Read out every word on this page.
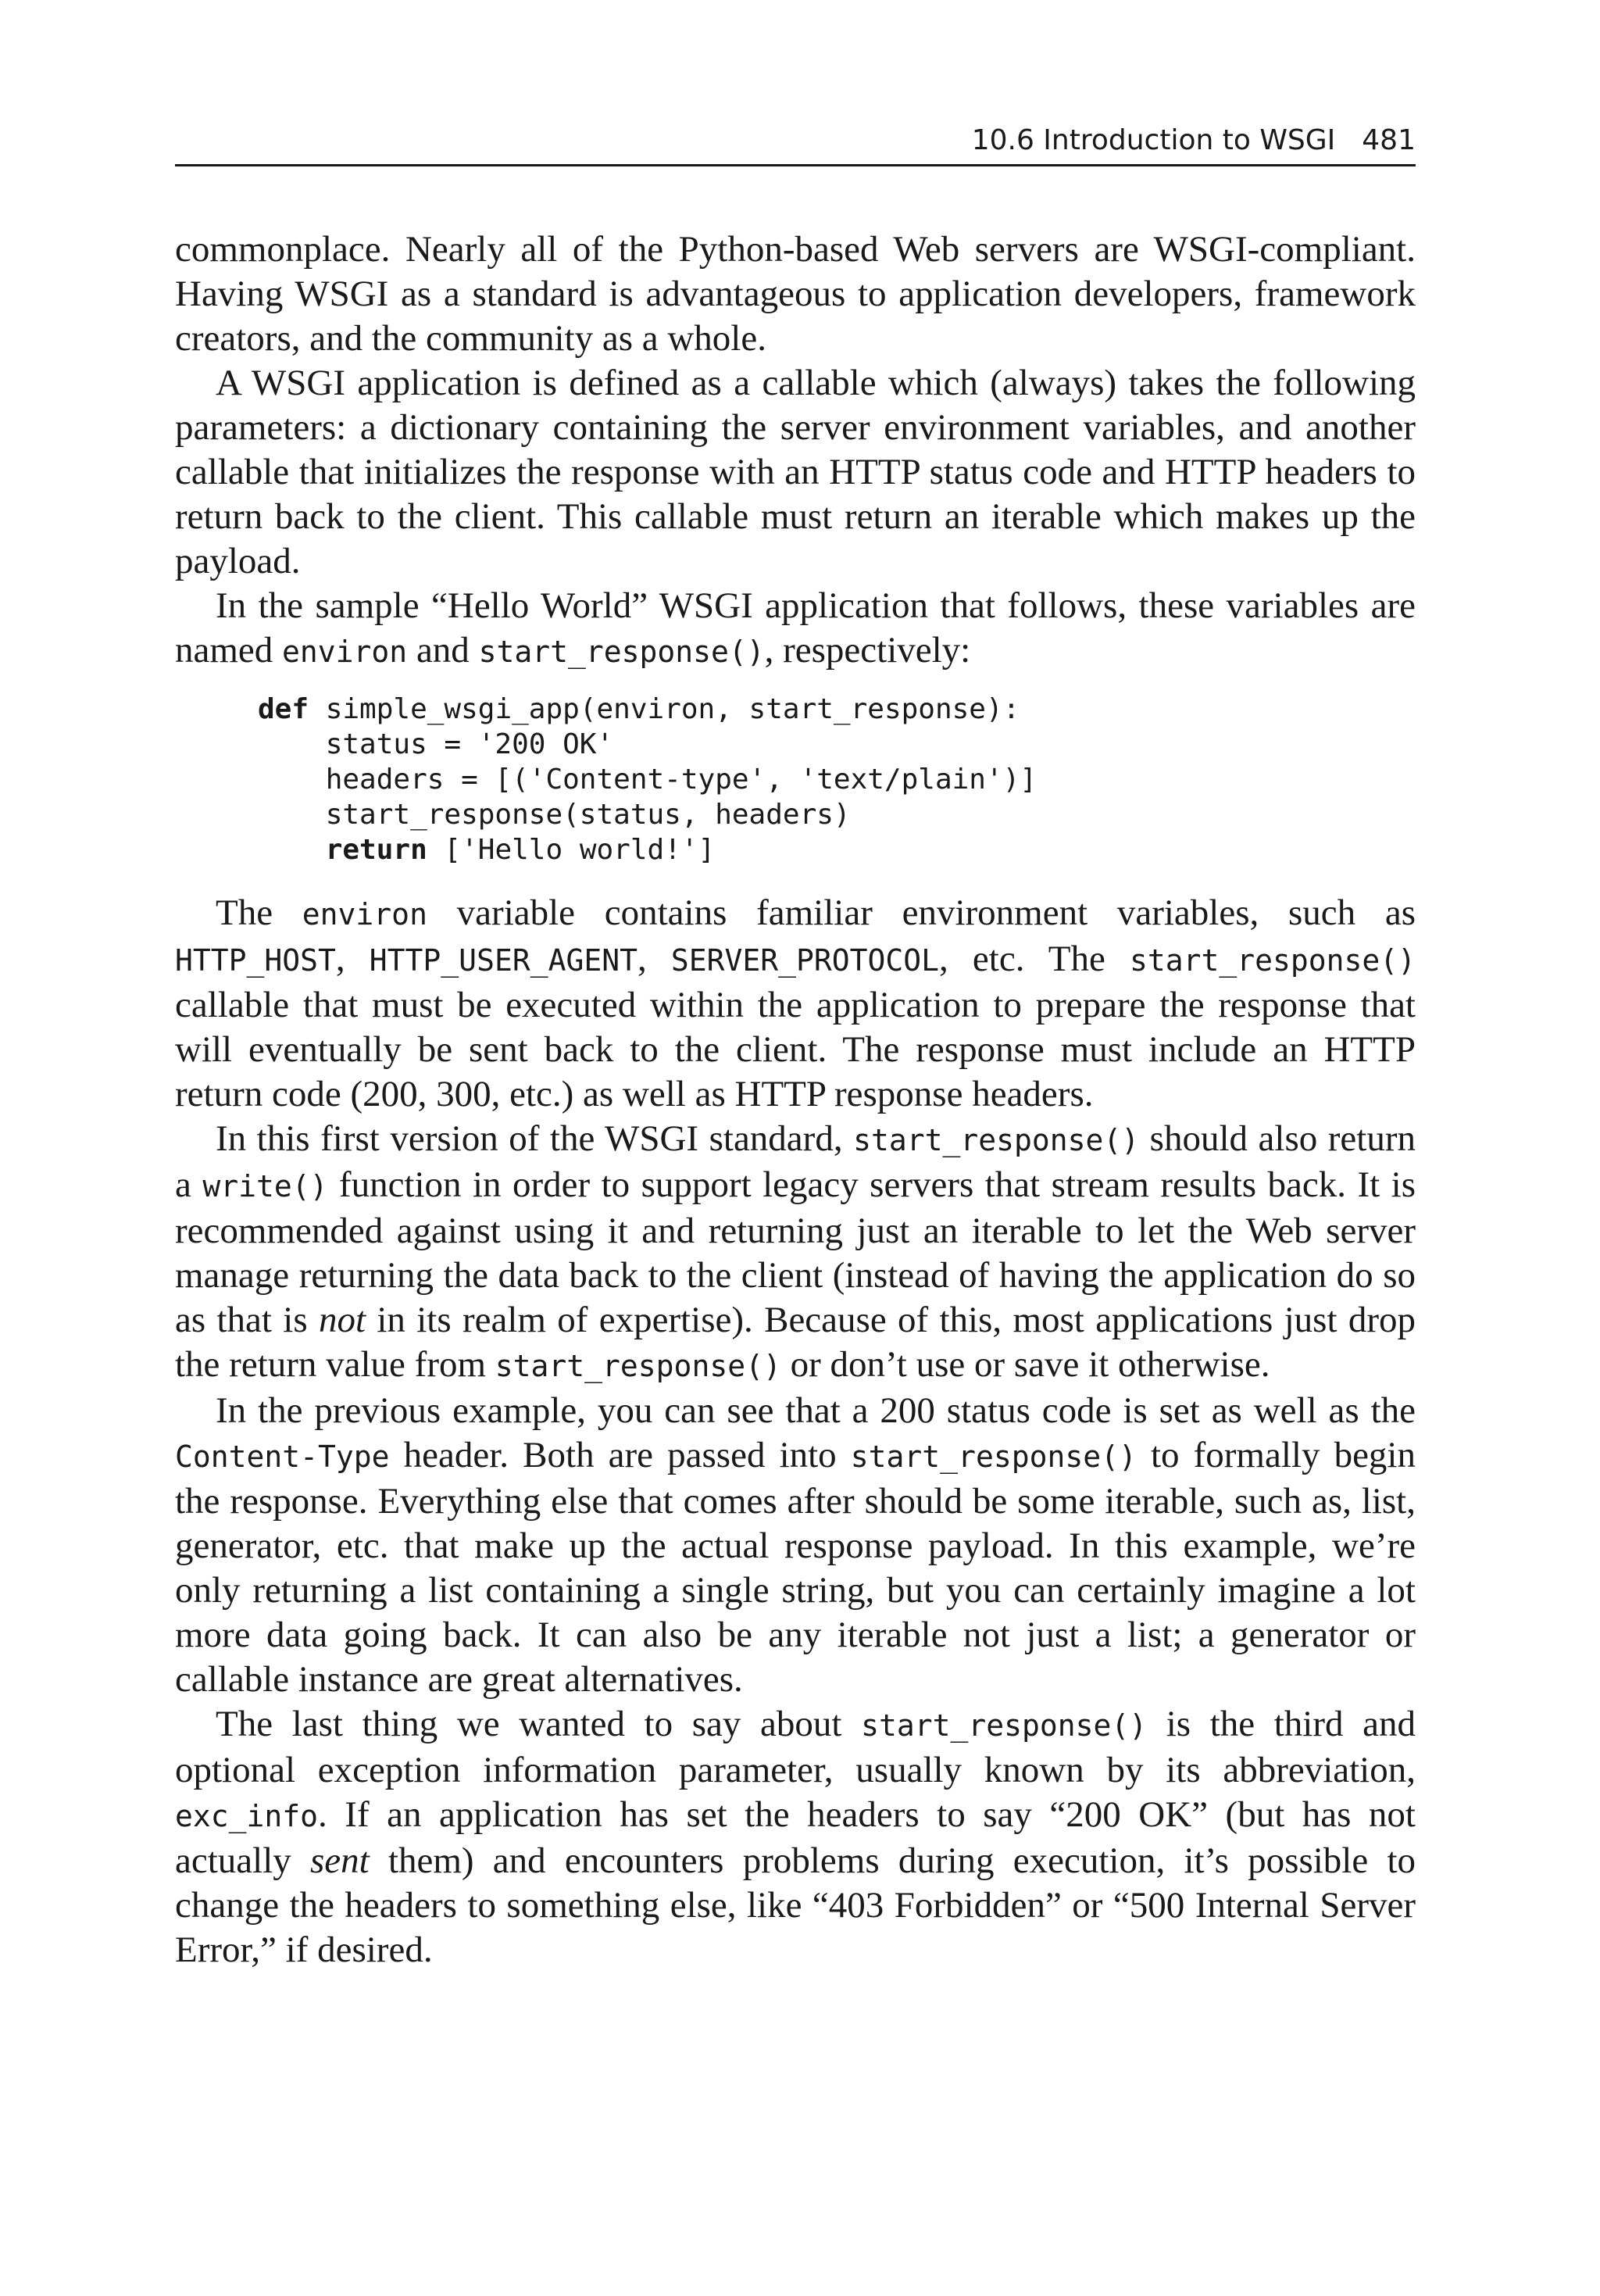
10.6 Introduction to WSGI 481

commonplace. Nearly all of the Python-based Web servers are WSGI-compliant. Having WSGI as a standard is advantageous to application developers, framework creators, and the community as a whole.

A WSGI application is defined as a callable which (always) takes the following parameters: a dictionary containing the server environment variables, and another callable that initializes the response with an HTTP status code and HTTP headers to return back to the client. This callable must return an iterable which makes up the payload.

In the sample “Hello World” WSGI application that follows, these variables are named environ and start_response(), respectively:

def simple_wsgi_app(environ, start_response):
status = '200 OK'
headers = [('Content-type', 'text/plain')]
start_response(status, headers)
return ['Hello world!']

The environ variable contains familiar environment variables, such as HTTP_HOST, HTTP_USER_AGENT, SERVER_PROTOCOL, etc. The start_response() callable that must be executed within the application to prepare the response that will eventually be sent back to the client. The response must include an HTTP return code (200, 300, etc.) as well as HTTP response headers.

In this first version of the WSGI standard, start_response() should also return a write() function in order to support legacy servers that stream results back. It is recommended against using it and returning just an iterable to let the Web server manage returning the data back to the client (instead of having the application do so as that is not in its realm of expertise). Because of this, most applications just drop the return value from start_response() or don’t use or save it otherwise.

In the previous example, you can see that a 200 status code is set as well as the Content-Type header. Both are passed into start_response() to formally begin the response. Everything else that comes after should be some iterable, such as, list, generator, etc. that make up the actual response payload. In this example, we’re only returning a list containing a single string, but you can certainly imagine a lot more data going back. It can also be any iterable not just a list; a generator or callable instance are great alternatives.

The last thing we wanted to say about start_response() is the third and optional exception information parameter, usually known by its abbreviation, exc_info. If an application has set the headers to say “200 OK” (but has not actually sent them) and encounters problems during execution, it’s possible to change the headers to something else, like “403 Forbidden” or “500 Internal Server Error,” if desired.
